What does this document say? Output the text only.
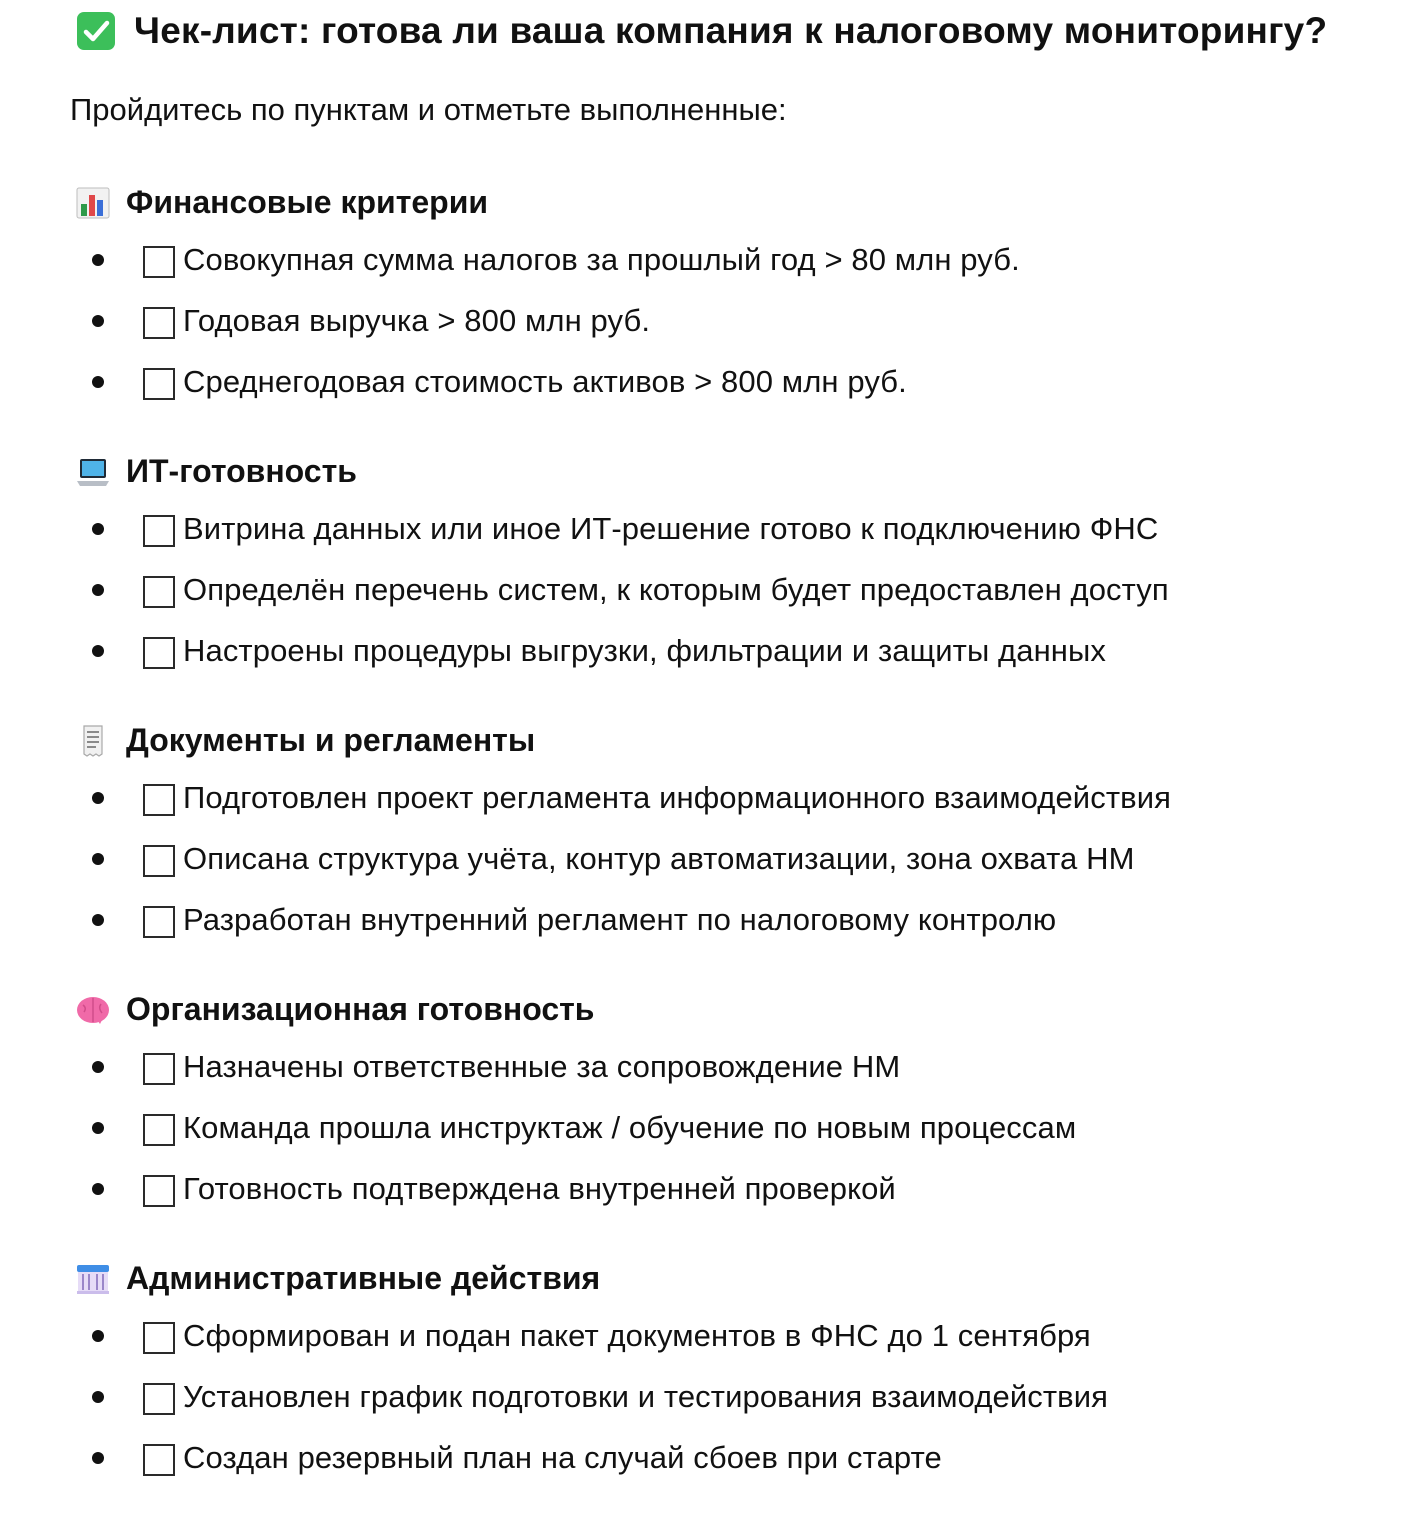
Чек-лист: готова ли ваша компания к налоговому мониторингу?
Пройдитесь по пунктам и отметьте выполненные:
Финансовые критерии
Совокупная сумма налогов за прошлый год > 80 млн руб.
Годовая выручка > 800 млн руб.
Среднегодовая стоимость активов > 800 млн руб.
ИТ-готовность
Витрина данных или иное ИТ-решение готово к подключению ФНС
Определён перечень систем, к которым будет предоставлен доступ
Настроены процедуры выгрузки, фильтрации и защиты данных
Документы и регламенты
Подготовлен проект регламента информационного взаимодействия
Описана структура учёта, контур автоматизации, зона охвата НМ
Разработан внутренний регламент по налоговому контролю
Организационная готовность
Назначены ответственные за сопровождение НМ
Команда прошла инструктаж / обучение по новым процессам
Готовность подтверждена внутренней проверкой
Административные действия
Сформирован и подан пакет документов в ФНС до 1 сентября
Установлен график подготовки и тестирования взаимодействия
Создан резервный план на случай сбоев при старте
